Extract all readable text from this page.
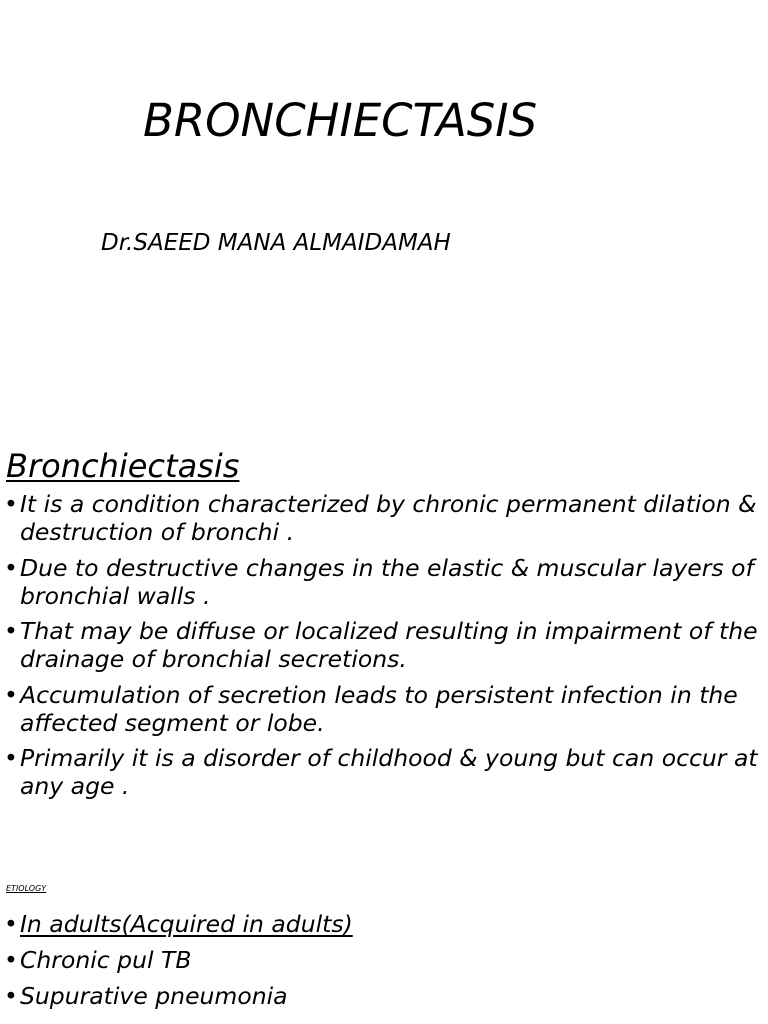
BRONCHIECTASIS
Dr.SAEED MANA ALMAIDAMAH
Bronchiectasis
• It is a condition characterized by chronic permanent dilation & destruction of bronchi .
• Due to destructive changes in the elastic & muscular layers of bronchial walls .
• That may be diffuse or localized resulting in impairment of the drainage of bronchial secretions.
• Accumulation of secretion leads to persistent infection in the affected segment or lobe.
• Primarily it is a disorder of childhood & young but can occur at any age .
ETIOLOGY
• In adults(Acquired in adults)
• Chronic pul TB
• Supurative pneumonia
